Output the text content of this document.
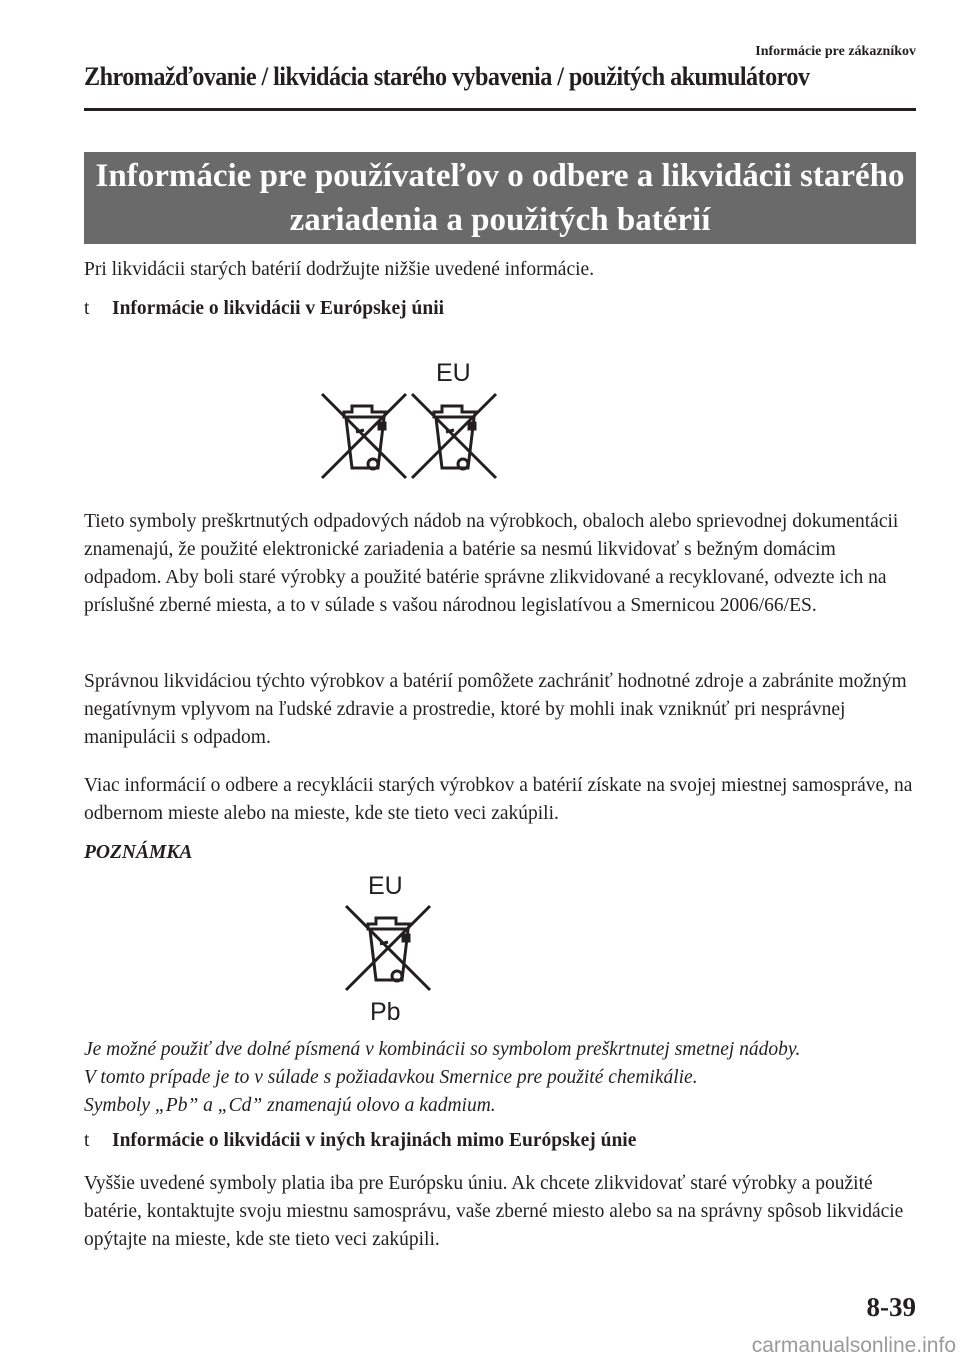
Informácie pre zákazníkov
Zhromažďovanie / likvidácia starého vybavenia / použitých akumulátorov
Informácie pre používateľov o odbere a likvidácii starého
zariadenia a použitých batérií

Pri likvidácii starých batérií dodržujte nižšie uvedené informácie.

t Informácie o likvidácii v Európskej únii
EU

Tieto symboly preškrtnutých odpadových nádob na výrobkoch, obaloch alebo sprievodnej dokumentácii znamenajú, že použité elektronické zariadenia a batérie sa nesmú likvidovať s bežným domácim odpadom. Aby boli staré výrobky a použité batérie správne zlikvidované a recyklované, odvezte ich na príslušné zberné miesta, a to v súlade s vašou národnou legislatívou a Smernicou 2006/66/ES.

Správnou likvidáciou týchto výrobkov a batérií pomôžete zachrániť hodnotné zdroje a zabránite možným negatívnym vplyvom na ľudské zdravie a prostredie, ktoré by mohli inak vzniknúť pri nesprávnej manipulácii s odpadom.

Viac informácií o odbere a recyklácii starých výrobkov a batérií získate na svojej miestnej samospráve, na odbernom mieste alebo na mieste, kde ste tieto veci zakúpili.

POZNÁMKA
EU
Pb
Je možné použiť dve dolné písmená v kombinácii so symbolom preškrtnutej smetnej nádoby.
V tomto prípade je to v súlade s požiadavkou Smernice pre použité chemikálie.
Symboly „Pb” a „Cd” znamenajú olovo a kadmium.
t Informácie o likvidácii v iných krajinách mimo Európskej únie

Vyššie uvedené symboly platia iba pre Európsku úniu. Ak chcete zlikvidovať staré výrobky a použité batérie, kontaktujte svoju miestnu samosprávu, vaše zberné miesto alebo sa na správny spôsob likvidácie opýtajte na mieste, kde ste tieto veci zakúpili.

8-39
carmanualsonline.info
